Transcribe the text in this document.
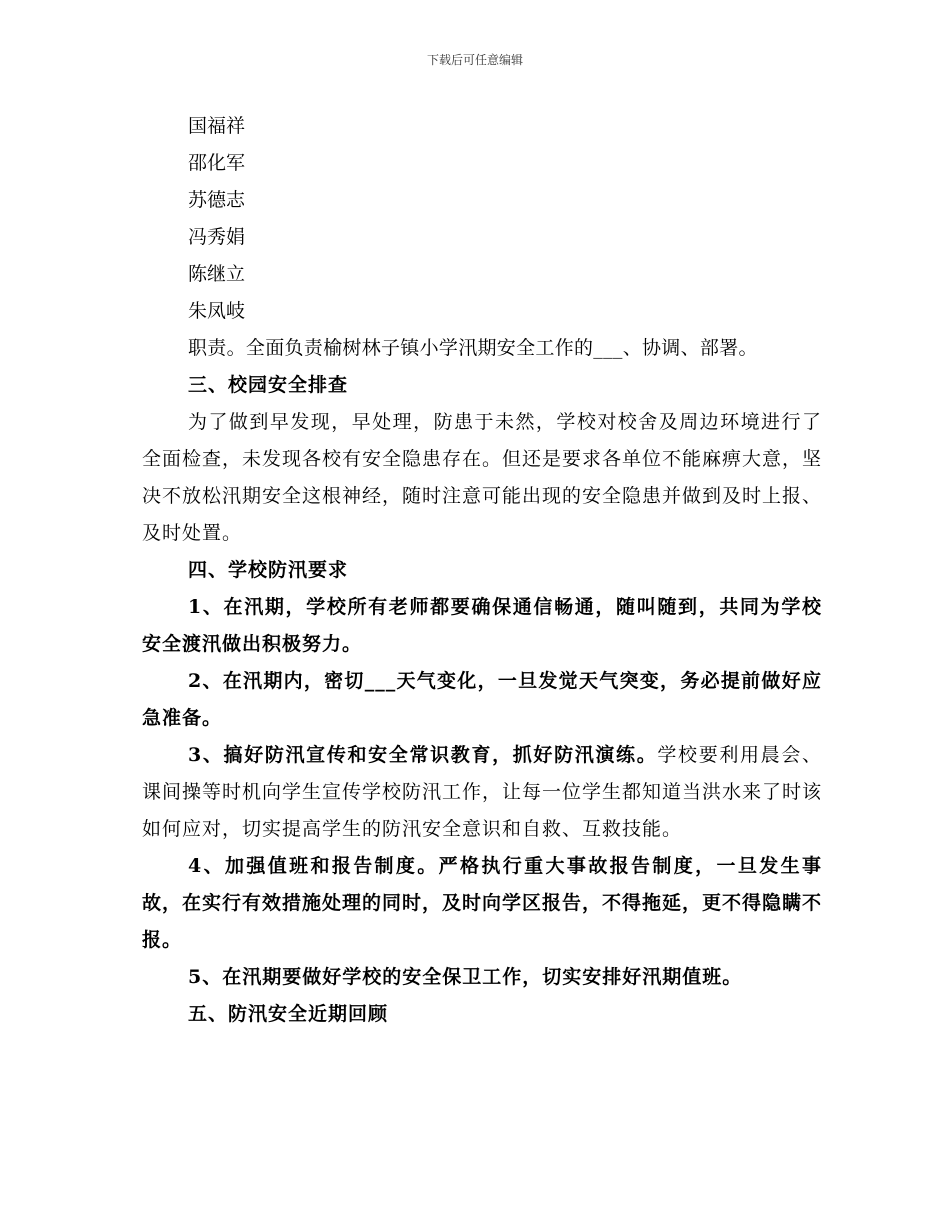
下载后可任意编辑
国福祥
邵化军
苏德志
冯秀娟
陈继立
朱凤岐

职责。全面负责榆树林子镇小学汛期安全工作的___、协调、部署。

三、校园安全排查

为了做到早发现，早处理，防患于未然，学校对校舍及周边环境进行了全面检查，未发现各校有安全隐患存在。但还是要求各单位不能麻痹大意，坚决不放松汛期安全这根神经，随时注意可能出现的安全隐患并做到及时上报、及时处置。

四、学校防汛要求

1、在汛期，学校所有老师都要确保通信畅通，随叫随到，共同为学校安全渡汛做出积极努力。

2、在汛期内，密切___天气变化，一旦发觉天气突变，务必提前做好应急准备。

3、搞好防汛宣传和安全常识教育，抓好防汛演练。学校要利用晨会、课间操等时机向学生宣传学校防汛工作，让每一位学生都知道当洪水来了时该如何应对，切实提高学生的防汛安全意识和自救、互救技能。

4、加强值班和报告制度。严格执行重大事故报告制度，一旦发生事故，在实行有效措施处理的同时，及时向学区报告，不得拖延，更不得隐瞒不报。

5、在汛期要做好学校的安全保卫工作，切实安排好汛期值班。

五、防汛安全近期回顾
